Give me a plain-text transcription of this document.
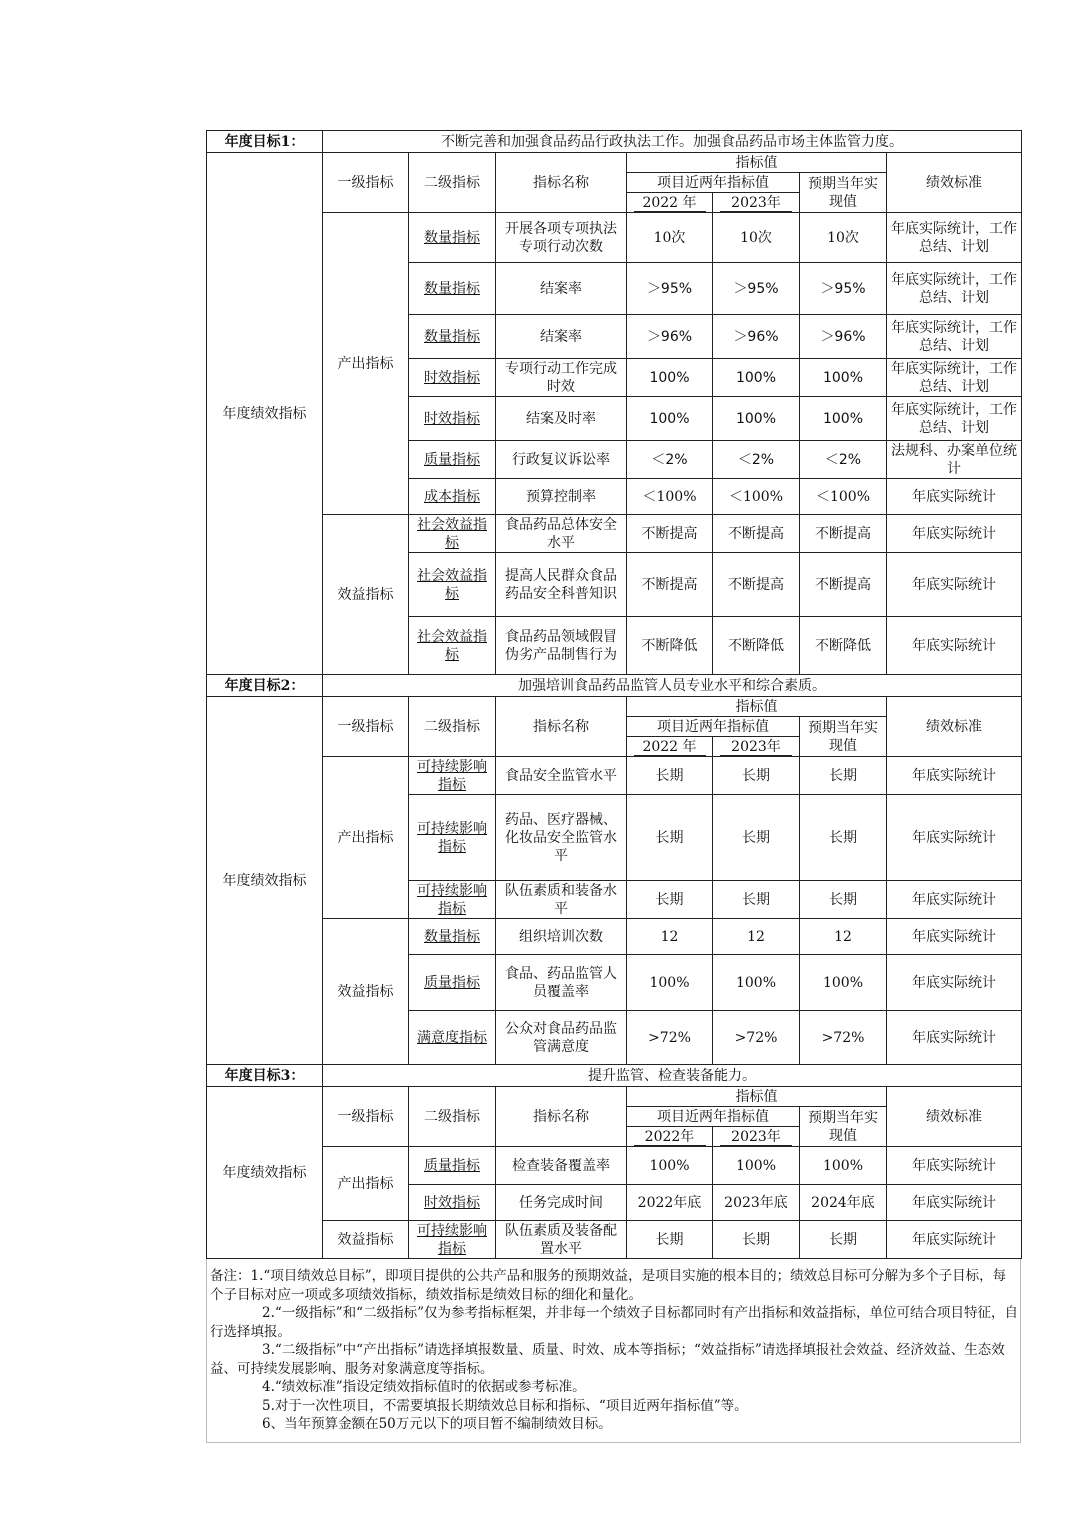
年度目标1：	不断完善和加强食品药品行政执法工作。加强食品药品市场主体监管力度。						
年度绩效指标	一级指标	二级指标	指标名称	指标值			绩效标准
				项目近两年指标值		预期当年实现值	
				2022 年	2023年		
	产出指标	数量指标	开展各项专项执法专项行动次数	10次	10次	10次	年底实际统计，工作总结、计划
		数量指标	结案率	＞95%	＞95%	＞95%	年底实际统计，工作总结、计划
		数量指标	结案率	＞96%	＞96%	＞96%	年底实际统计，工作总结、计划
		时效指标	专项行动工作完成时效	100%	100%	100%	年底实际统计，工作总结、计划
		时效指标	结案及时率	100%	100%	100%	年底实际统计，工作总结、计划
		质量指标	行政复议诉讼率	＜2%	＜2%	＜2%	法规科、办案单位统计
		成本指标	预算控制率	＜100%	＜100%	＜100%	年底实际统计
	效益指标	社会效益指标	食品药品总体安全水平	不断提高	不断提高	不断提高	年底实际统计
		社会效益指标	提高人民群众食品药品安全科普知识	不断提高	不断提高	不断提高	年底实际统计
		社会效益指标	食品药品领域假冒伪劣产品制售行为	不断降低	不断降低	不断降低	年底实际统计
年度目标2：	加强培训食品药品监管人员专业水平和综合素质。						
年度绩效指标	一级指标	二级指标	指标名称	指标值			绩效标准
				项目近两年指标值		预期当年实现值	
				2022 年	2023年		
	产出指标	可持续影响 指标	食品安全监管水平	长期	长期	长期	年底实际统计
		可持续影响 指标	药品、医疗器械、化妆品安全监管水平	长期	长期	长期	年底实际统计
		可持续影响 指标	队伍素质和装备水平	长期	长期	长期	年底实际统计
	效益指标	数量指标	组织培训次数	12	12	12	年底实际统计
		质量指标	食品、药品监管人员覆盖率	100%	100%	100%	年底实际统计
		满意度指标	公众对食品药品监管满意度	>72%	>72%	>72%	年底实际统计
年度目标3：	提升监管、检查装备能力。						
年度绩效指标	一级指标	二级指标	指标名称	指标值			绩效标准
				项目近两年指标值		预期当年实现值	
				2022年	2023年		
	产出指标	质量指标	检查装备覆盖率	100%	100%	100%	年底实际统计
		时效指标	任务完成时间	2022年底	2023年底	2024年底	年底实际统计
	效益指标	可持续影响 指标	队伍素质及装备配置水平	长期	长期	长期	年底实际统计

备注：1.“项目绩效总目标”，即项目提供的公共产品和服务的预期效益，是项目实施的根本目的；绩效总目标可分解为多个子目标，每个子目标对应一项或多项绩效指标，绩效指标是绩效目标的细化和量化。

2.“一级指标”和“二级指标”仅为参考指标框架，并非每一个绩效子目标都同时有产出指标和效益指标，单位可结合项目特征，自行选择填报。

3.“二级指标”中“产出指标”请选择填报数量、质量、时效、成本等指标；“效益指标”请选择填报社会效益、经济效益、生态效益、可持续发展影响、服务对象满意度等指标。

4.“绩效标准”指设定绩效指标值时的依据或参考标准。

5.对于一次性项目，不需要填报长期绩效总目标和指标、“项目近两年指标值”等。

6、当年预算金额在50万元以下的项目暂不编制绩效目标。
